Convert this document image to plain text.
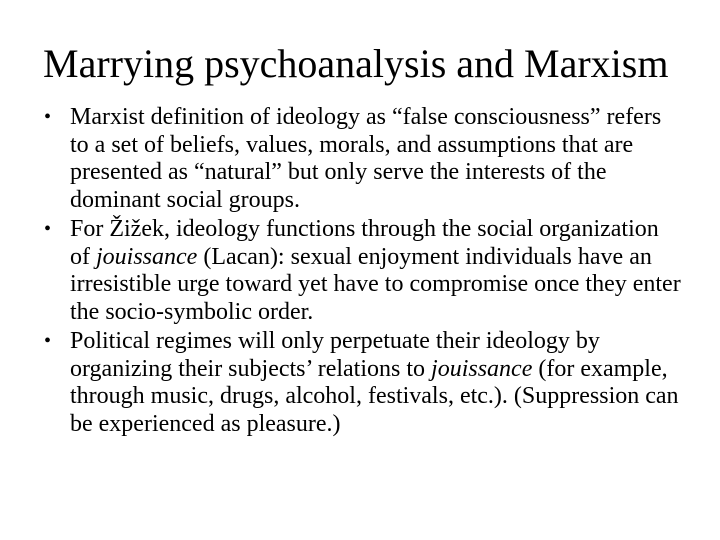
Marrying psychoanalysis and Marxism
• Marxist definition of ideology as “false consciousness” refers to a set of beliefs, values, morals, and assumptions that are presented as “natural” but only serve the interests of the dominant social groups.
• For Žižek, ideology functions through the social organization of jouissance (Lacan): sexual enjoyment individuals have an irresistible urge toward yet have to compromise once they enter the socio-symbolic order.
• Political regimes will only perpetuate their ideology by organizing their subjects’ relations to jouissance (for example, through music, drugs, alcohol, festivals, etc.). (Suppression can be experienced as pleasure.)
